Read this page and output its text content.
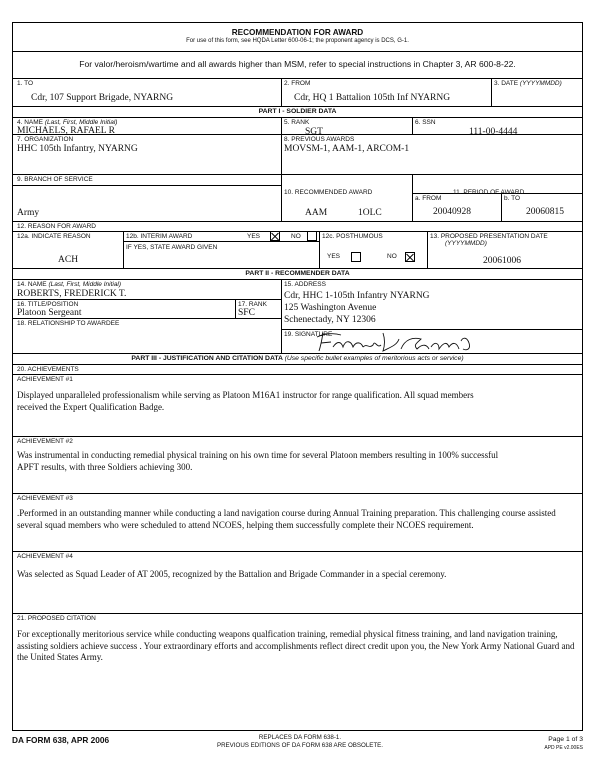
RECOMMENDATION FOR AWARD
For use of this form, see HQDA Letter 600-06-1; the proponent agency is DCS, G-1.
For valor/heroism/wartime and all awards higher than MSM, refer to special instructions in Chapter 3, AR 600-8-22.
1. TO
Cdr, 107 Support Brigade, NYARNG
2. FROM
Cdr, HQ 1 Battalion 105th Inf NYARNG
3. DATE (YYYYMMDD)
PART I - SOLDIER DATA
4. NAME (Last, First, Middle Initial)
MICHAELS, RAFAEL R
5. RANK
SGT
6. SSN
111-00-4444
7. ORGANIZATION
HHC 105th Infantry, NYARNG
8. PREVIOUS AWARDS
MOVSM-1, AAM-1, ARCOM-1
9. BRANCH OF SERVICE
Army
10. RECOMMENDED AWARD
AAM	1OLC
11. PERIOD OF AWARD
a. FROM
20040928
b. TO
20060815
12. REASON FOR AWARD
12a. INDICATE REASON
ACH
12b. INTERIM AWARD	YES	NO
IF YES, STATE AWARD GIVEN
12c. POSTHUMOUS
YES	NO
13. PROPOSED PRESENTATION DATE
(YYYYMMDD)
20061006
PART II - RECOMMENDER DATA
14. NAME (Last, First, Middle Initial)
ROBERTS, FREDERICK T.
15. ADDRESS
Cdr, HHC 1-105th Infantry NYARNG
125 Washington Avenue
Schenectady, NY 12306
16. TITLE/POSITION
Platoon Sergeant
17. RANK
SFC
18. RELATIONSHIP TO AWARDEE
19. SIGNATURE
PART III - JUSTIFICATION AND CITATION DATA (Use specific bullet examples of meritorious acts or service)
20. ACHIEVEMENTS
ACHIEVEMENT #1
Displayed unparalleled professionalism while serving as Platoon M16A1 instructor for range qualification. All squad members received the Expert Qualification Badge.
ACHIEVEMENT #2
Was instrumental in conducting remedial physical training on his own time for several Platoon members resulting in 100% successful APFT results, with three Soldiers achieving 300.
ACHIEVEMENT #3
.Performed in an outstanding manner while conducting a land navigation course during Annual Training preparation. This challenging course assisted several squad members who were scheduled to attend NCOES, helping them successfully complete their NCOES requirement.
ACHIEVEMENT #4
Was selected as Squad Leader of AT 2005, recognized by the Battalion and Brigade Commander in a special ceremony.
21. PROPOSED CITATION
For exceptionally meritorious service while conducting weapons qualfication training, remedial physical fitness training, and land navigation training, assisting soldiers achieve success . Your extraordinary efforts and accomplishments reflect direct credit upon you, the New York Army National Guard and the United States Army.
DA FORM 638, APR 2006	REPLACES DA FORM 638-1.
PREVIOUS EDITIONS OF DA FORM 638 ARE OBSOLETE.
Page 1 of 3
APD PE v2.00ES
